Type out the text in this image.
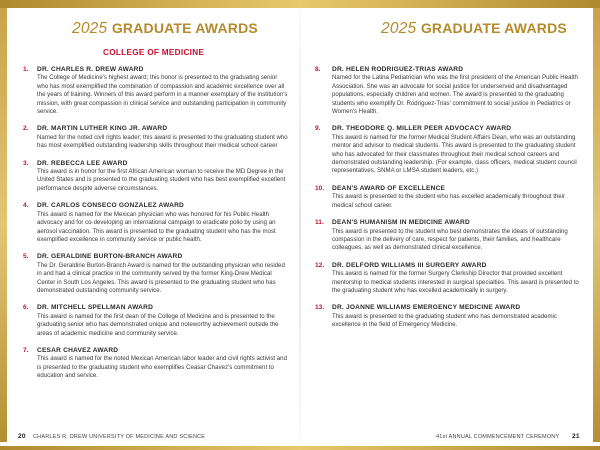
2025 GRADUATE AWARDS
COLLEGE OF MEDICINE
1.	DR. CHARLES R. DREW AWARD
The College of Medicine's highest award; this honor is presented to the graduating senior who has most exemplified the combination of compassion and academic excellence over all the years of training. Winners of this award perform in a manner exemplary of the institution's mission, with great compassion in clinical service and outstanding participation in community service.
2.	DR. MARTIN LUTHER KING JR. AWARD
Named for the noted civil rights leader; this award is presented to the graduating student who has most exemplified outstanding leadership skills throughout their medical school career
3.	DR. REBECCA LEE AWARD
This award is in honor for the first African American woman to receive the MD Degree in the United States and is presented to the graduating student who has best exemplified excellent performance despite adverse circumstances.
4.	DR. CARLOS CONSECO GONZALEZ AWARD
This award is named for the Mexican physician who was honored for his Public Health advocacy and for co-developing an international campaign to eradicate polio by using an aerosol vaccination. This award is presented to the graduating student who has the most exemplified excellence in community service or public health.
5.	DR. GERALDINE BURTON-BRANCH AWARD
The Dr. Geraldine Burton-Branch Award is named for the outstanding physician who resided in and had a clinical practice in the community served by the former King-Drew Medical Center in South Los Angeles. This award is presented to the graduating student who has demonstrated outstanding community service.
6.	DR. MITCHELL SPELLMAN AWARD
This award is named for the first dean of the College of Medicine and is presented to the graduating senior who has demonstrated unique and noteworthy achievement outside the areas of academic medicine and community service.
7.	CESAR CHAVEZ AWARD
This award is named for the noted Mexican American labor leader and civil rights activist and is presented to the graduating student who exemplifies Ceasar Chavez's commitment to education and service.
2025 GRADUATE AWARDS
8.	DR. HELEN RODRIGUEZ-TRIAS AWARD
Named for the Latina Pediatrician who was the first president of the American Public Health Association. She was an advocate for social justice for underserved and disadvantaged populations, especially children and women. The award is presented to the graduating students who exemplify Dr. Rodriguez-Trias' commitment to social justice in Pediatrics or Women's Health.
9.	DR. THEODORE Q. MILLER PEER ADVOCACY AWARD
This award is named for the former Medical Student Affairs Dean, who was an outstanding mentor and advisor to medical students. This award is presented to the graduating student who has advocated for their classmates throughout their medical school careers and demonstrated outstanding leadership. (For example, class officers, medical student council representatives, SNMA or LMSA student leaders, etc.)
10.	DEAN'S AWARD OF EXCELLENCE
This award is presented to the student who has excelled academically throughout their medical school career.
11.	DEAN'S HUMANISM IN MEDICINE AWARD
This award is presented to the student who best demonstrates the ideals of outstanding compassion in the delivery of care, respect for patients, their families, and healthcare colleagues, as well as demonstrated clinical excellence.
12.	DR. DELFORD WILLIAMS III SURGERY AWARD
This award is named for the former Surgery Clerkship Director that provided excellent mentorship to medical students interested in surgical specialties. This award is presented to the graduating student who has excelled academically in surgery.
13.	DR. JOANNE WILLIAMS EMERGENCY MEDICINE AWARD
This award is presented to the graduating student who has demonstrated academic excellence in the field of Emergency Medicine.
20 CHARLES R. DREW UNIVERSITY OF MEDICINE AND SCIENCE	41st ANNUAL COMMENCEMENT CEREMONY 21
